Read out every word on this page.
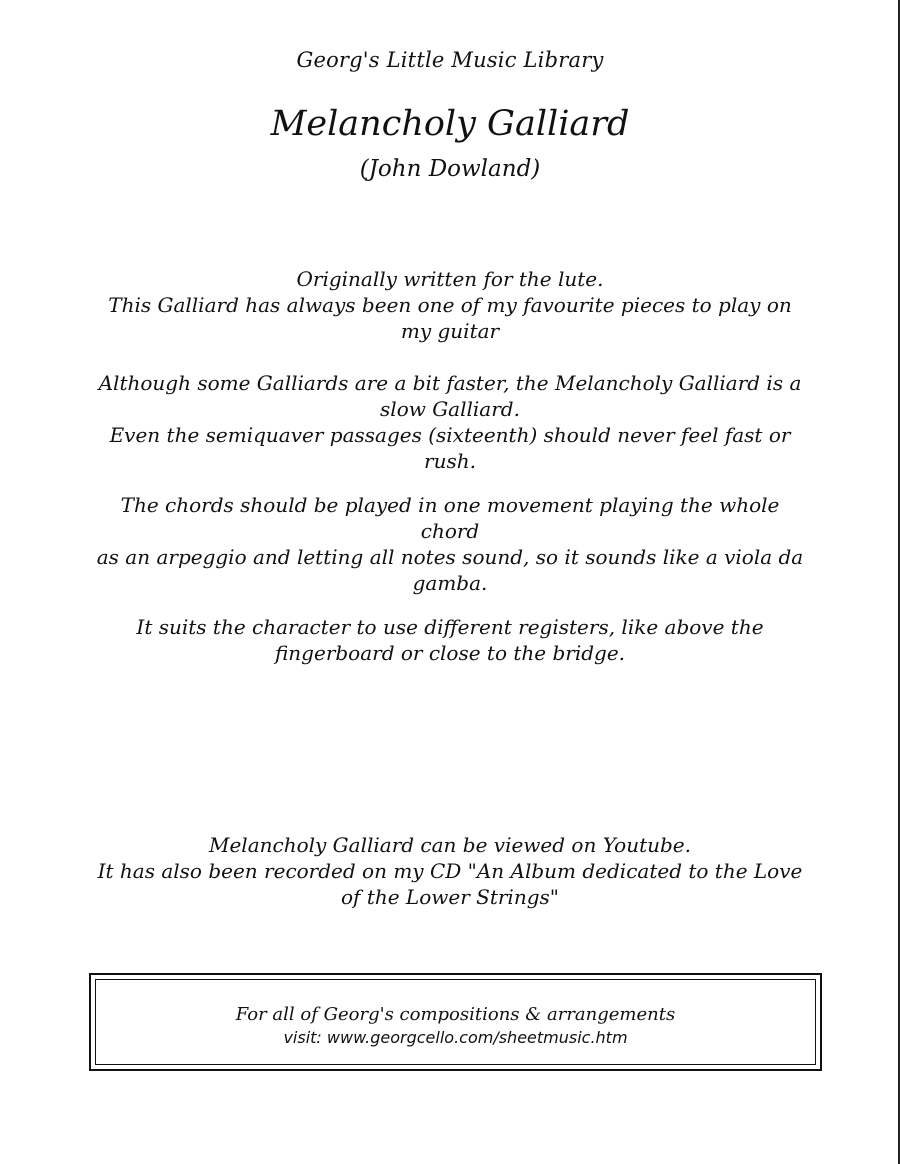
Georg's Little Music Library
Melancholy Galliard
(John Dowland)
Originally written for the lute.
This Galliard has always been one of my favourite pieces to play on
my guitar
Although some Galliards are a bit faster, the Melancholy Galliard is a
slow Galliard.
Even the semiquaver passages (sixteenth) should never feel fast or
rush.
The chords should be played in one movement playing the whole chord
as an arpeggio and letting all notes sound, so it sounds like a viola da
gamba.
It suits the character to use different registers, like above the
fingerboard or close to the bridge.
Melancholy Galliard can be viewed on Youtube.
It has also been recorded on my CD "An Album dedicated to the Love
of the Lower Strings"
For all of Georg's compositions & arrangements
visit: www.georgcello.com/sheetmusic.htm
